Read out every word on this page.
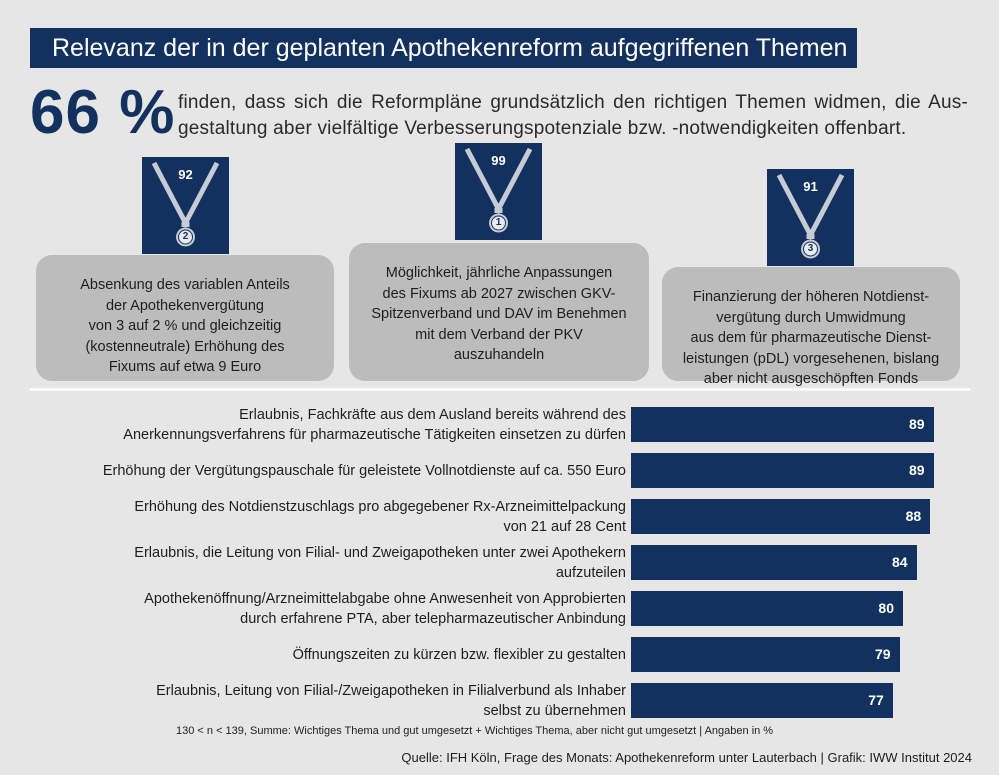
Relevanz der in der geplanten Apothekenreform aufgegriffenen Themen
66 % finden, dass sich die Reformpläne grundsätzlich den richtigen Themen widmen, die Aus-gestaltung aber vielfältige Verbesserungspotenziale bzw. -notwendigkeiten offenbart.
Absenkung des variablen Anteils
der Apothekenvergütung
von 3 auf 2 % und gleichzeitig
(kostenneutrale) Erhöhung des
Fixums auf etwa 9 Euro
92
2
Möglichkeit, jährliche Anpassungen
des Fixums ab 2027 zwischen GKV-
Spitzenverband und DAV im Benehmen
mit dem Verband der PKV
auszuhandeln
99
1
Finanzierung der höheren Notdienst-
vergütung durch Umwidmung
aus dem für pharmazeutische Dienst-
leistungen (pDL) vorgesehenen, bislang
aber nicht ausgeschöpften Fonds
91
3
Erlaubnis, Fachkräfte aus dem Ausland bereits während des
Anerkennungsverfahrens für pharmazeutische Tätigkeiten einsetzen zu dürfen
89
Erhöhung der Vergütungspauschale für geleistete Vollnotdienste auf ca. 550 Euro	89
Erhöhung des Notdienstzuschlags pro abgegebener Rx-Arzneimittelpackung
von 21 auf 28 Cent
88
Erlaubnis, die Leitung von Filial- und Zweigapotheken unter zwei Apothekern
aufzuteilen
84
Apothekenöffnung/Arzneimittelabgabe ohne Anwesenheit von Approbierten
durch erfahrene PTA, aber telepharmazeutischer Anbindung
80
Öffnungszeiten zu kürzen bzw. flexibler zu gestalten	79
Erlaubnis, Leitung von Filial-/Zweigapotheken in Filialverbund als Inhaber
selbst zu übernehmen
77
130 < n < 139, Summe: Wichtiges Thema und gut umgesetzt + Wichtiges Thema, aber nicht gut umgesetzt | Angaben in %
Quelle: IFH Köln, Frage des Monats: Apothekenreform unter Lauterbach | Grafik: IWW Institut 2024
